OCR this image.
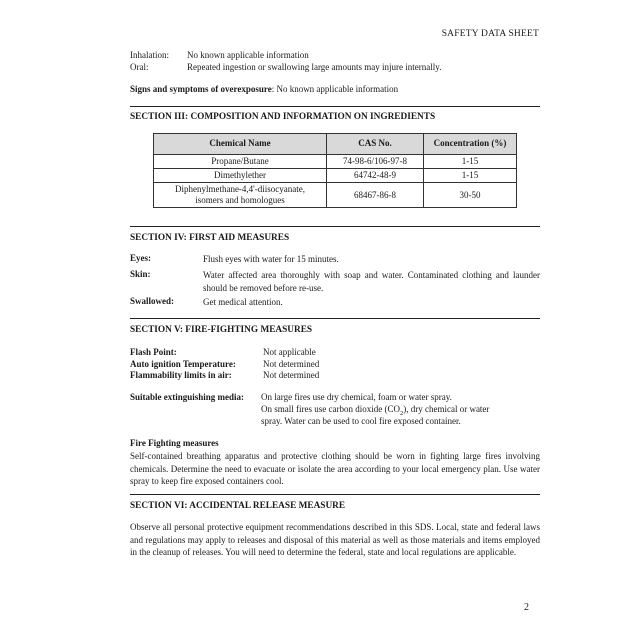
SAFETY DATA SHEET
Inhalation: No known applicable information
Oral:	Repeated ingestion or swallowing large amounts may injure internally.
Signs and symptoms of overexposure: No known applicable information
SECTION III: COMPOSITION AND INFORMATION ON INGREDIENTS
Chemical Name	CAS No.	Concentration (%)
Propane/Butane	74-98-6/106-97-8	1-15
Dimethylether	64742-48-9	1-15

Diphenylmethane-4,4'-diisocyanate,
isomers and homologues	68467-86-8	30-50
SECTION IV: FIRST AID MEASURES
Eyes:	Flush eyes with water for 15 minutes.
Skin:	Water affected area thoroughly with soap and water. Contaminated clothing and launder should be removed before re-use.
Swallowed:	Get medical attention.
SECTION V: FIRE-FIGHTING MEASURES
Flash Point:	Not applicable
Auto ignition Temperature:	Not determined
Flammability limits in air:	Not determined
Suitable extinguishing media: On large fires use dry chemical, foam or water spray.
On small fires use carbon dioxide $(CO_2)$, dry chemical or water
spray. Water can be used to cool fire exposed container.
Fire Fighting measures
Self-contained breathing apparatus and protective clothing should be worn in fighting large fires involving chemicals. Determine the need to evacuate or isolate the area according to your local emergency plan. Use water spray to keep fire exposed containers cool.
SECTION VI: ACCIDENTAL RELEASE MEASURE
Observe all personal protective equipment recommendations described in this SDS. Local, state and federal laws and regulations may apply to releases and disposal of this material as well as those materials and items employed in the cleanup of releases. You will need to determine the federal, state and local regulations are applicable.
2
